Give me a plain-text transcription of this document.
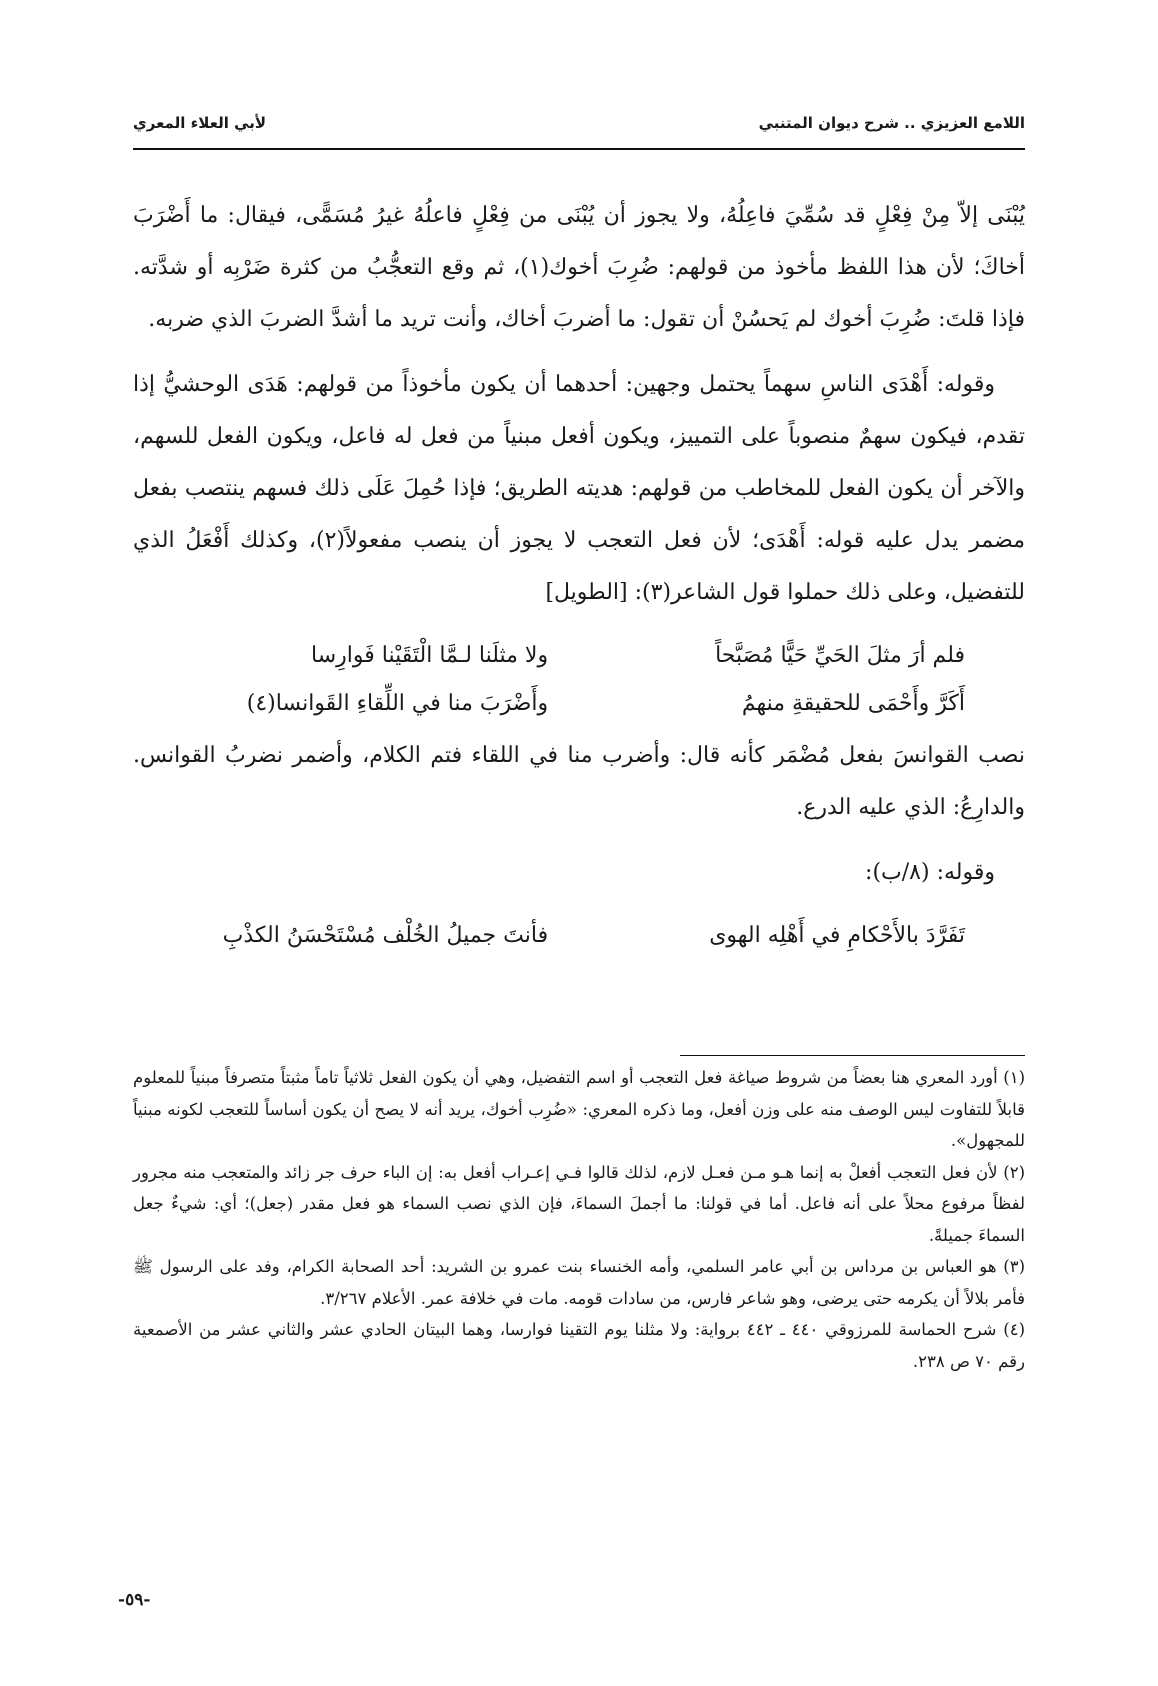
اللامع العزيزي .. شرح ديوان المتنبي
لأبي العلاء المعري

يُبْنَى إلاّ مِنْ فِعْلٍ قد سُمِّيَ فاعِلُهُ، ولا يجوز أن يُبْنَى من فِعْلٍ فاعلُهُ غيرُ مُسَمًّى، فيقال: ما أَضْرَبَ أخاكَ؛ لأن هذا اللفظ مأخوذ من قولهم: ضُرِبَ أخوك(١)، ثم وقع التعجُّبُ من كثرة ضَرْبِه أو شدَّته. فإذا قلتَ: ضُرِبَ أخوك لم يَحسُنْ أن تقول: ما أضربَ أخاك، وأنت تريد ما أشدَّ الضربَ الذي ضربه.

وقوله: أَهْدَى الناسِ سهماً يحتمل وجهين: أحدهما أن يكون مأخوذاً من قولهم: هَدَى الوحشيُّ إذا تقدم، فيكون سهمٌ منصوباً على التمييز، ويكون أفعل مبنياً من فعل له فاعل، ويكون الفعل للسهم، والآخر أن يكون الفعل للمخاطب من قولهم: هديته الطريق؛ فإذا حُمِلَ عَلَى ذلك فسهم ينتصب بفعل مضمر يدل عليه قوله: أَهْدَى؛ لأن فعل التعجب لا يجوز أن ينصب مفعولاً(٢)، وكذلك أَفْعَلُ الذي للتفضيل، وعلى ذلك حملوا قول الشاعر(٣): [الطويل]

فلم أرَ مثلَ الحَيِّ حَيًّا مُصَبَّحاً
ولا مثلَنا لـمَّا الْتَقَيْنا فَوارِسا
أَكَرَّ وأَحْمَى للحقيقةِ منهمُ
وأَضْرَبَ منا في اللِّقاءِ القَوانسا(٤)

نصب القوانسَ بفعل مُضْمَر كأنه قال: وأضرب منا في اللقاء فتم الكلام، وأضمر نضربُ القوانس. والدارِعُ: الذي عليه الدرع.

وقوله: (٨/ب):

تَفَرَّدَ بالأَحْكامِ في أَهْلِه الهوى
فأنتَ جميلُ الخُلْف مُسْتَحْسَنُ الكذْبِ

(١) أورد المعري هنا بعضاً من شروط صياغة فعل التعجب أو اسم التفضيل، وهي أن يكون الفعل ثلاثياً تاماً مثبتاً متصرفاً مبنياً للمعلوم قابلاً للتفاوت ليس الوصف منه على وزن أفعل، وما ذكره المعري: «ضُرِب أخوك، يريد أنه لا يصح أن يكون أساساً للتعجب لكونه مبنياً للمجهول».

(٢) لأن فعل التعجب أفعلْ به إنما هـو مـن فعـل لازم، لذلك قالوا فـي إعـراب أفعل به: إن الباء حرف جر زائد والمتعجب منه مجرور لفظاً مرفوع محلاً على أنه فاعل. أما في قولنا: ما أجملَ السماءَ، فإن الذي نصب السماء هو فعل مقدر (جعل)؛ أي: شيءٌ جعل السماءَ جميلةً.

(٣) هو العباس بن مرداس بن أبي عامر السلمي، وأمه الخنساء بنت عمرو بن الشريد: أحد الصحابة الكرام، وفد على الرسول ﷺ فأمر بلالاً أن يكرمه حتى يرضى، وهو شاعر فارس، من سادات قومه. مات في خلافة عمر. الأعلام ٣/٢٦٧.

(٤) شرح الحماسة للمرزوقي ٤٤٠ ـ ٤٤٢ برواية: ولا مثلنا يوم التقينا فوارسا، وهما البيتان الحادي عشر والثاني عشر من الأصمعية رقم ٧٠ ص ٢٣٨.

-٥٩-
